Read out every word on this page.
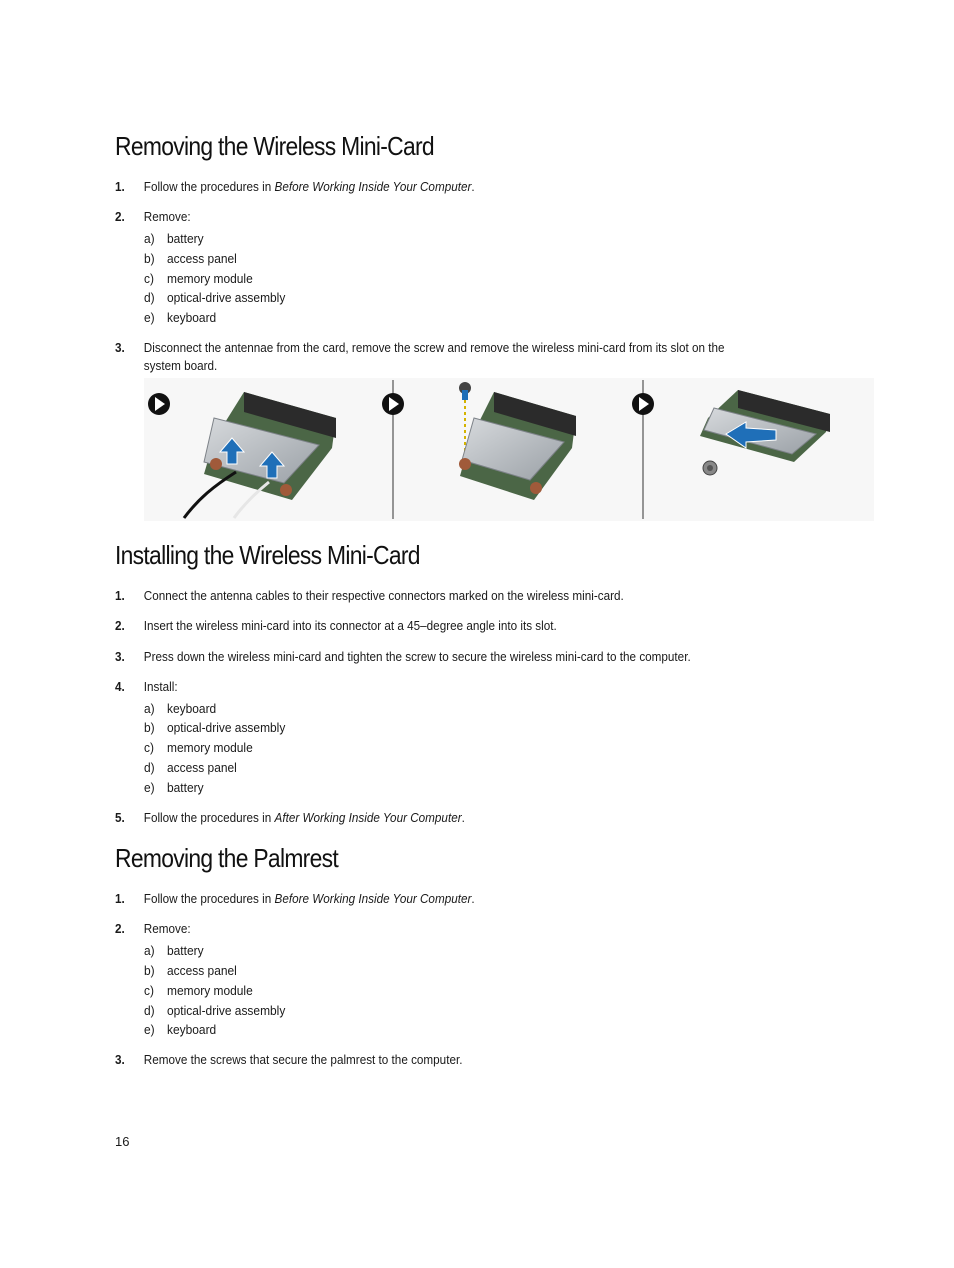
Removing the Wireless Mini-Card
1. Follow the procedures in Before Working Inside Your Computer.
2. Remove:
a) battery
b) access panel
c) memory module
d) optical-drive assembly
e) keyboard
3. Disconnect the antennae from the card, remove the screw and remove the wireless mini-card from its slot on the
system board.
Installing the Wireless Mini-Card
1. Connect the antenna cables to their respective connectors marked on the wireless mini-card.
2. Insert the wireless mini-card into its connector at a 45–degree angle into its slot.
3. Press down the wireless mini-card and tighten the screw to secure the wireless mini-card to the computer.
4. Install:
a) keyboard
b) optical-drive assembly
c) memory module
d) access panel
e) battery
5. Follow the procedures in After Working Inside Your Computer.
Removing the Palmrest
1. Follow the procedures in Before Working Inside Your Computer.
2. Remove:
a) battery
b) access panel
c) memory module
d) optical-drive assembly
e) keyboard
3. Remove the screws that secure the palmrest to the computer.
16
